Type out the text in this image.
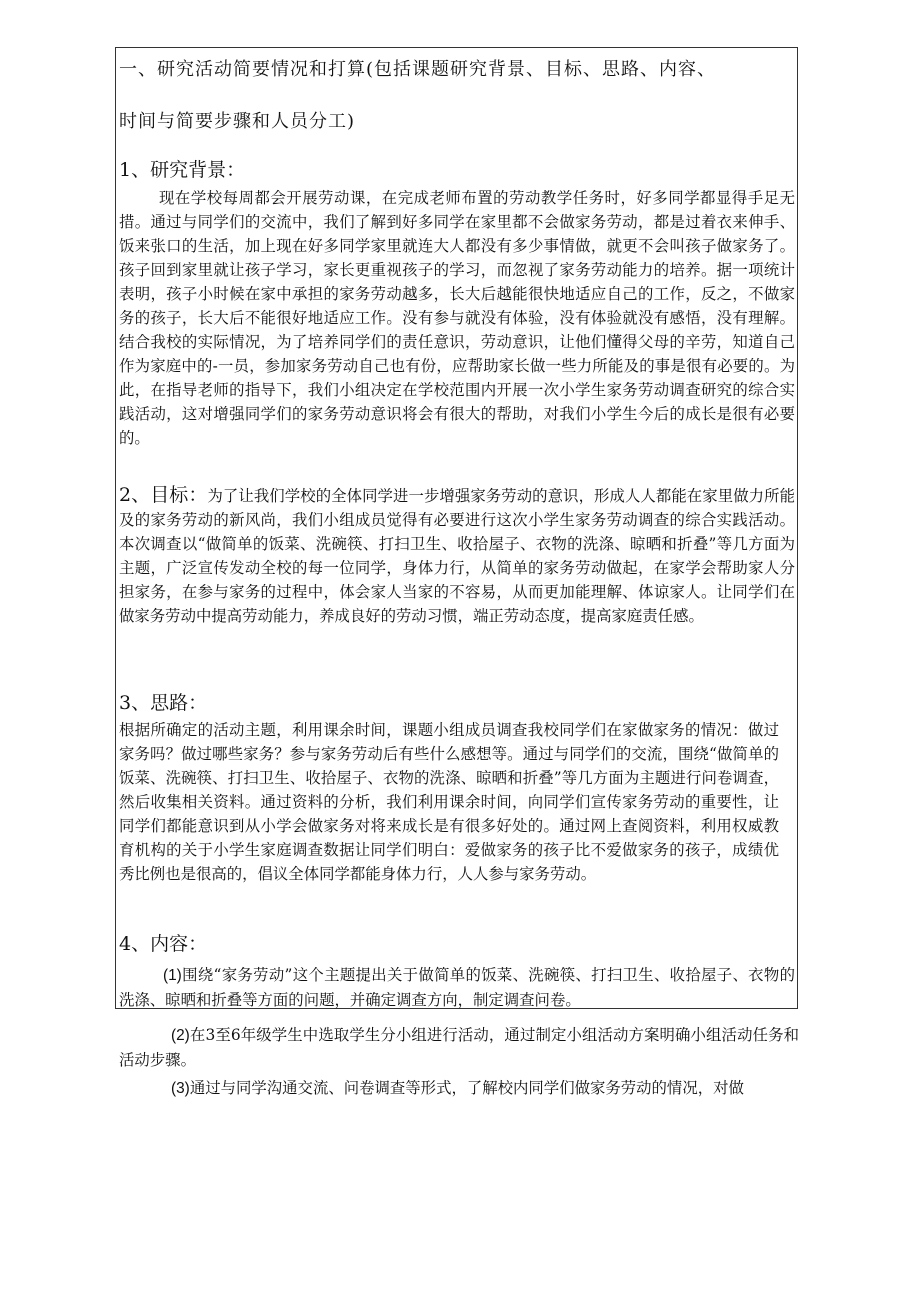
一、研究活动简要情况和打算(包括课题研究背景、目标、思路、内容、
时间与简要步骤和人员分工)
1、研究背景：

现在学校每周都会开展劳动课，在完成老师布置的劳动教学任务时，好多同学都显得手足无措。通过与同学们的交流中，我们了解到好多同学在家里都不会做家务劳动，都是过着衣来伸手、饭来张口的生活，加上现在好多同学家里就连大人都没有多少事情做，就更不会叫孩子做家务了。孩子回到家里就让孩子学习，家长更重视孩子的学习，而忽视了家务劳动能力的培养。据一项统计表明，孩子小时候在家中承担的家务劳动越多，长大后越能很快地适应自己的工作，反之，不做家务的孩子，长大后不能很好地适应工作。没有参与就没有体验，没有体验就没有感悟，没有理解。结合我校的实际情况，为了培养同学们的责任意识，劳动意识，让他们懂得父母的辛劳，知道自己作为家庭中的-一员，参加家务劳动自己也有份，应帮助家长做一些力所能及的事是很有必要的。为此，在指导老师的指导下，我们小组决定在学校范围内开展一次小学生家务劳动调查研究的综合实践活动，这对增强同学们的家务劳动意识将会有很大的帮助，对我们小学生今后的成长是很有必要的。

2、目标：为了让我们学校的全体同学进一步增强家务劳动的意识，形成人人都能在家里做力所能及的家务劳动的新风尚，我们小组成员觉得有必要进行这次小学生家务劳动调查的综合实践活动。本次调查以“做简单的饭菜、洗碗筷、打扫卫生、收拾屋子、衣物的洗涤、晾晒和折叠”等几方面为主题，广泛宣传发动全校的每一位同学，身体力行，从简单的家务劳动做起，在家学会帮助家人分担家务，在参与家务的过程中，体会家人当家的不容易，从而更加能理解、体谅家人。让同学们在做家务劳动中提高劳动能力，养成良好的劳动习惯，端正劳动态度，提高家庭责任感。

3、思路：

根据所确定的活动主题，利用课余时间，课题小组成员调查我校同学们在家做家务的情况：做过家务吗？做过哪些家务？参与家务劳动后有些什么感想等。通过与同学们的交流，围绕“做简单的饭菜、洗碗筷、打扫卫生、收拾屋子、衣物的洗涤、晾晒和折叠”等几方面为主题进行问卷调查，然后收集相关资料。通过资料的分析，我们利用课余时间，向同学们宣传家务劳动的重要性，让同学们都能意识到从小学会做家务对将来成长是有很多好处的。通过网上查阅资料，利用权威教育机构的关于小学生家庭调查数据让同学们明白：爱做家务的孩子比不爱做家务的孩子，成绩优秀比例也是很高的，倡议全体同学都能身体力行，人人参与家务劳动。

4、内容：

(1)围绕“家务劳动”这个主题提出关于做简单的饭菜、洗碗筷、打扫卫生、收拾屋子、衣物的洗涤、晾晒和折叠等方面的问题，并确定调查方向，制定调查问卷。

(2)在3至6年级学生中选取学生分小组进行活动，通过制定小组活动方案明确小组活动任务和活动步骤。

(3)通过与同学沟通交流、问卷调查等形式，了解校内同学们做家务劳动的情况，对做
